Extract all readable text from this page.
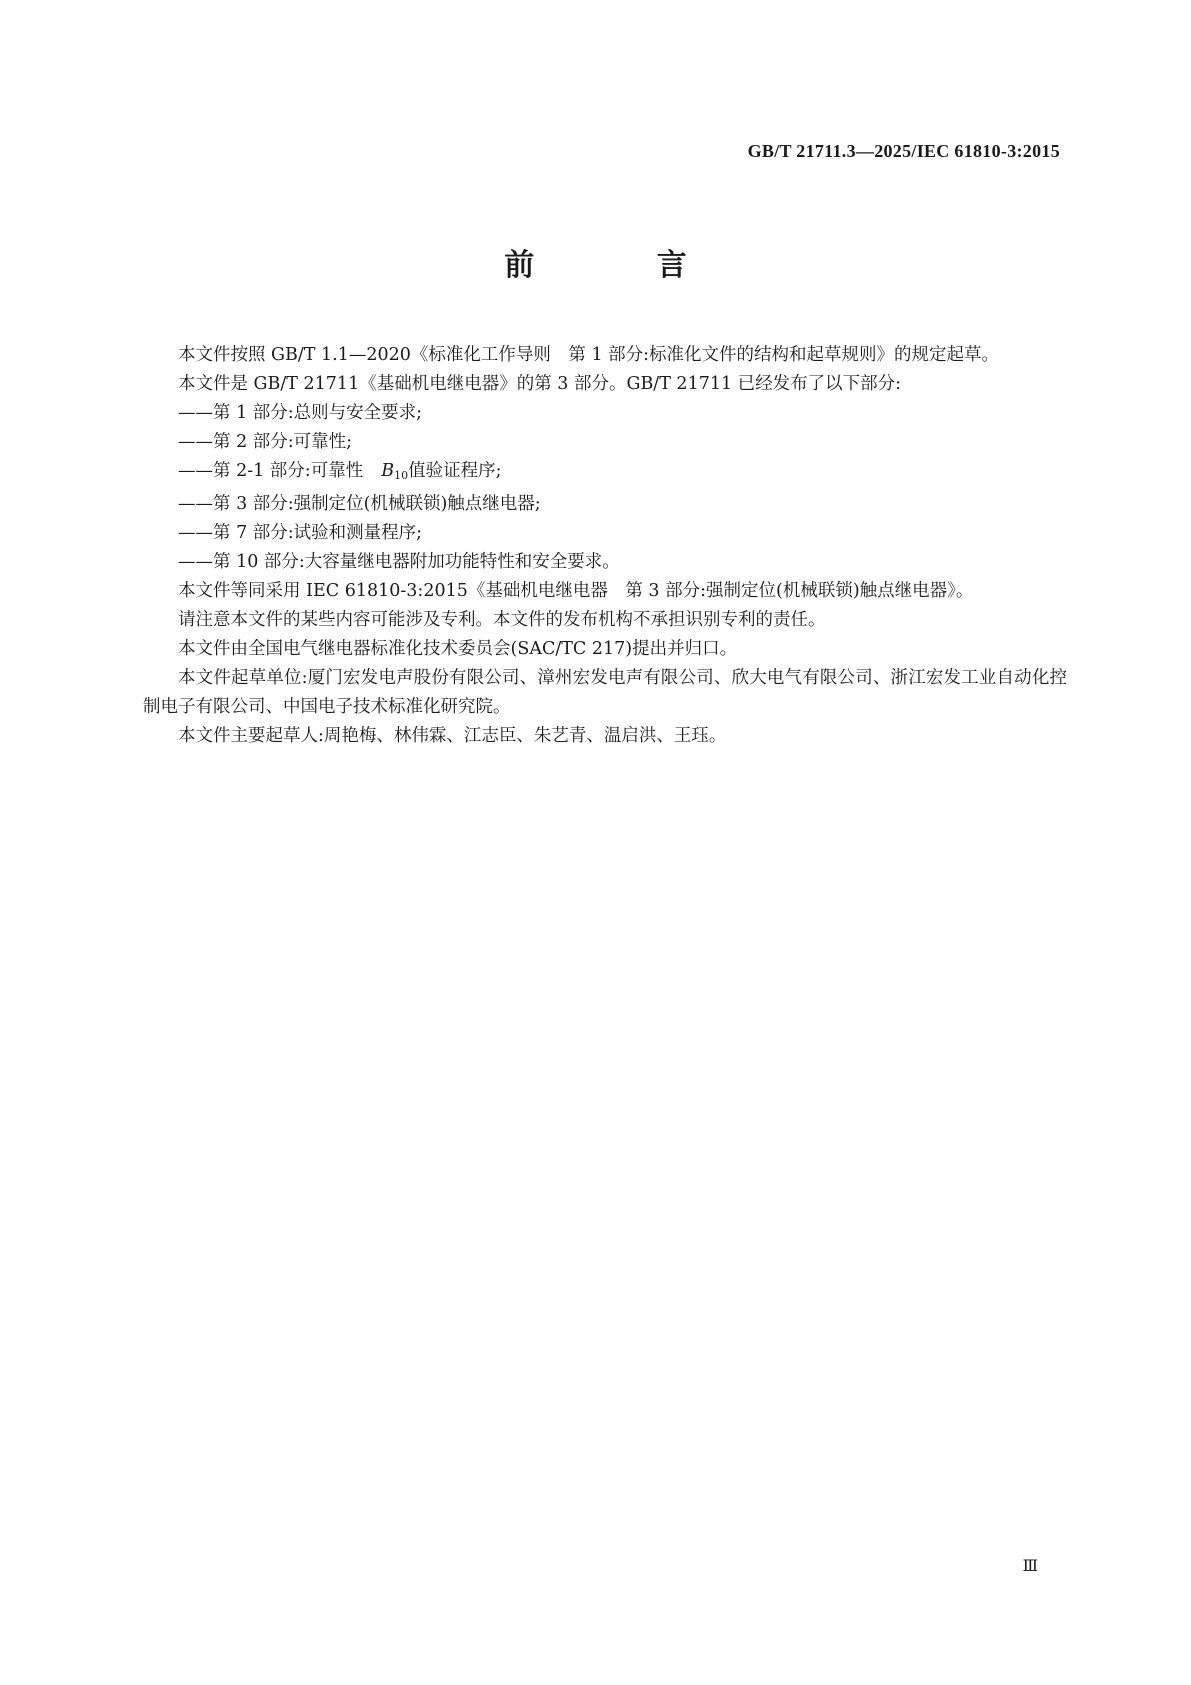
GB/T 21711.3—2025/IEC 61810-3:2015
前 言

本文件按照 GB/T 1.1—2020《标准化工作导则　第 1 部分:标准化文件的结构和起草规则》的规定起草。

本文件是 GB/T 21711《基础机电继电器》的第 3 部分。GB/T 21711 已经发布了以下部分:

——第 1 部分:总则与安全要求;

——第 2 部分:可靠性;

——第 2-1 部分:可靠性 $B_{10}$值验证程序;

——第 3 部分:强制定位(机械联锁)触点继电器;

——第 7 部分:试验和测量程序;

——第 10 部分:大容量继电器附加功能特性和安全要求。

本文件等同采用 IEC 61810-3:2015《基础机电继电器　第 3 部分:强制定位(机械联锁)触点继电器》。

请注意本文件的某些内容可能涉及专利。本文件的发布机构不承担识别专利的责任。

本文件由全国电气继电器标准化技术委员会(SAC/TC 217)提出并归口。

本文件起草单位:厦门宏发电声股份有限公司、漳州宏发电声有限公司、欣大电气有限公司、浙江宏发工业自动化控制电子有限公司、中国电子技术标准化研究院。

本文件主要起草人:周艳梅、林伟霖、江志臣、朱艺青、温启洪、王珏。

Ⅲ
